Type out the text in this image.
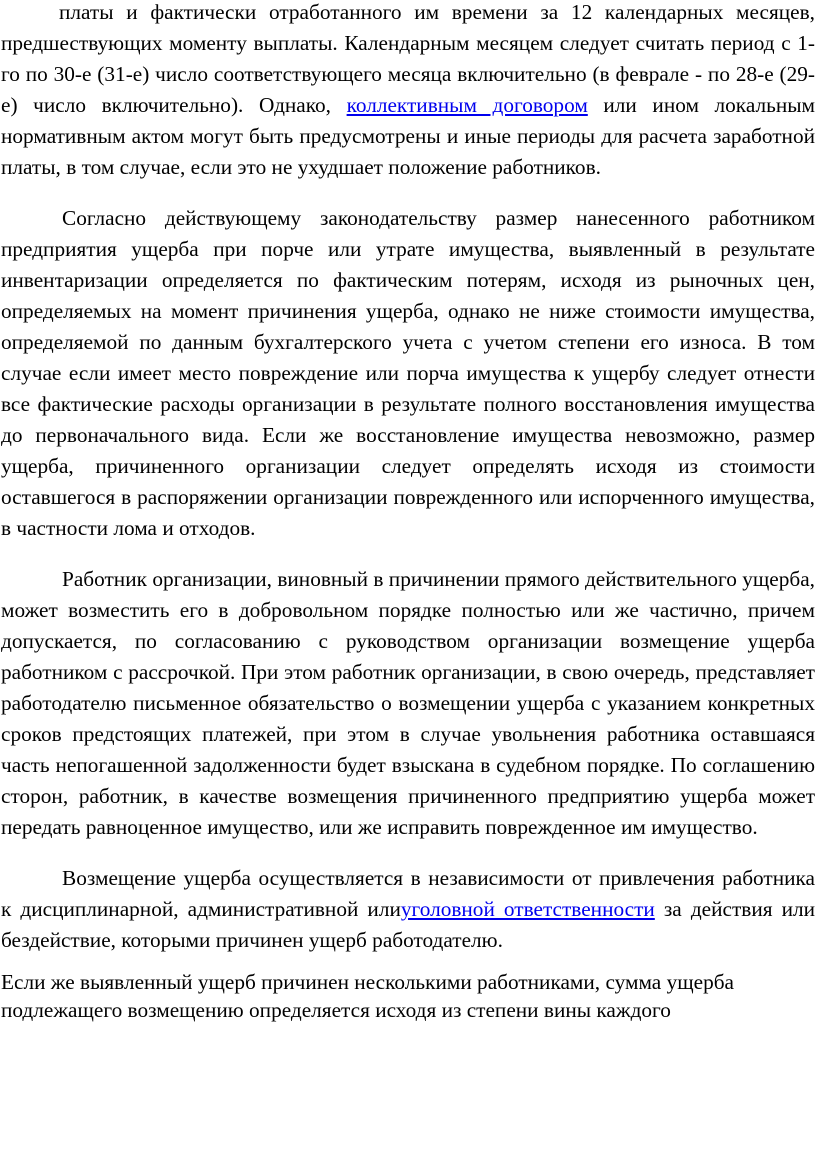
платы и фактически отработанного им времени за 12 календарных месяцев, предшествующих моменту выплаты. Календарным месяцем следует считать период с 1-го по 30-е (31-е) число соответствующего месяца включительно (в феврале - по 28-е (29-е) число включительно). Однако, коллективным договором или ином локальным нормативным актом могут быть предусмотрены и иные периоды для расчета заработной платы, в том случае, если это не ухудшает положение работников.

Согласно действующему законодательству размер нанесенного работником предприятия ущерба при порче или утрате имущества, выявленный в результате инвентаризации определяется по фактическим потерям, исходя из рыночных цен, определяемых на момент причинения ущерба, однако не ниже стоимости имущества, определяемой по данным бухгалтерского учета с учетом степени его износа. В том случае если имеет место повреждение или порча имущества к ущербу следует отнести все фактические расходы организации в результате полного восстановления имущества до первоначального вида. Если же восстановление имущества невозможно, размер ущерба, причиненного организации следует определять исходя из стоимости оставшегося в распоряжении организации поврежденного или испорченного имущества, в частности лома и отходов.

Работник организации, виновный в причинении прямого действительного ущерба, может возместить его в добровольном порядке полностью или же частично, причем допускается, по согласованию с руководством организации возмещение ущерба работником с рассрочкой. При этом работник организации, в свою очередь, представляет работодателю письменное обязательство о возмещении ущерба с указанием конкретных сроков предстоящих платежей, при этом в случае увольнения работника оставшаяся часть непогашенной задолженности будет взыскана в судебном порядке. По соглашению сторон, работник, в качестве возмещения причиненного предприятию ущерба может передать равноценное имущество, или же исправить поврежденное им имущество.

Возмещение ущерба осуществляется в независимости от привлечения работника к дисциплинарной, административной илиуголовной ответственности за действия или бездействие, которыми причинен ущерб работодателю.

Если же выявленный ущерб причинен несколькими работниками, сумма ущерба
подлежащего возмещению определяется исходя из степени вины каждого
